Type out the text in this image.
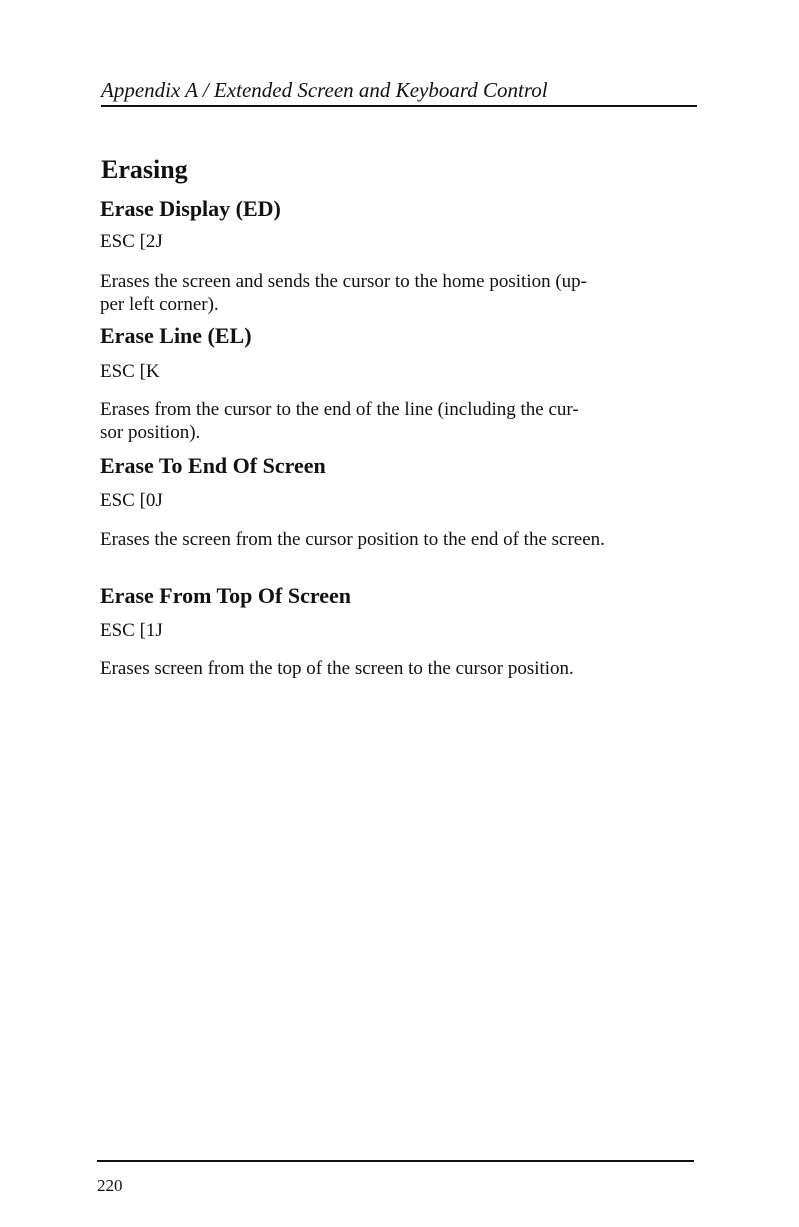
Appendix A / Extended Screen and Keyboard Control
Erasing
Erase Display (ED)
ESC [2J
Erases the screen and sends the cursor to the home position (up-
per left corner).
Erase Line (EL)
ESC [K
Erases from the cursor to the end of the line (including the cur-
sor position).
Erase To End Of Screen
ESC [0J
Erases the screen from the cursor position to the end of the screen.
Erase From Top Of Screen
ESC [1J
Erases screen from the top of the screen to the cursor position.
220
